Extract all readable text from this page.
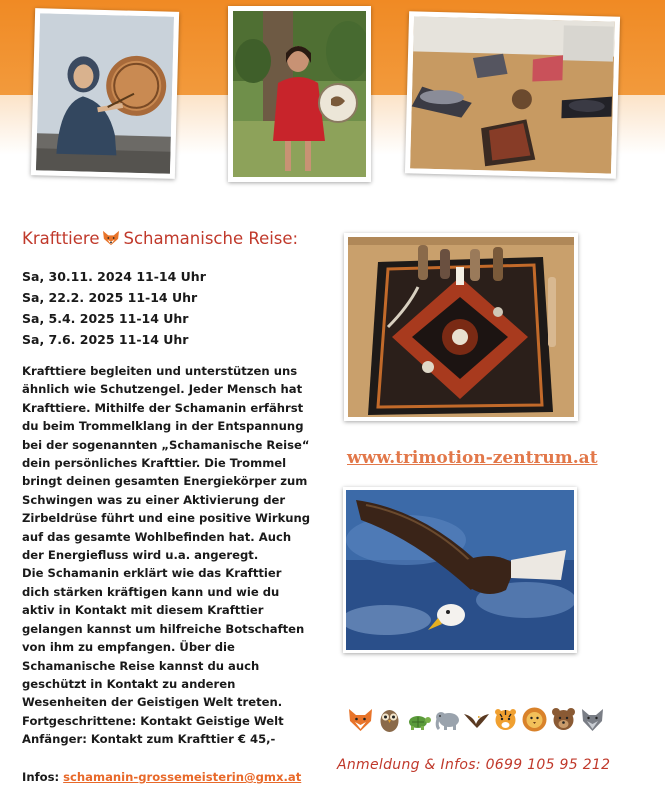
Krafttiere Schamanische Reise:
Sa, 30.11. 2024 11-14 Uhr
Sa, 22.2. 2025 11-14 Uhr
Sa, 5.4. 2025 11-14 Uhr
Sa, 7.6. 2025 11-14 Uhr
Krafttiere begleiten und unterstützen uns
ähnlich wie Schutzengel. Jeder Mensch hat
Krafttiere. Mithilfe der Schamanin erfährst
du beim Trommelklang in der Entspannung
bei der sogenannten „Schamanische Reise“
dein persönliches Krafttier. Die Trommel
bringt deinen gesamten Energiekörper zum
Schwingen was zu einer Aktivierung der
Zirbeldrüse führt und eine positive Wirkung
auf das gesamte Wohlbefinden hat. Auch
der Energiefluss wird u.a. angeregt.
Die Schamanin erklärt wie das Krafttier
dich stärken kräftigen kann und wie du
aktiv in Kontakt mit diesem Krafttier
gelangen kannst um hilfreiche Botschaften
von ihm zu empfangen. Über die
Schamanische Reise kannst du auch
geschützt in Kontakt zu anderen
Wesenheiten der Geistigen Welt treten.
Fortgeschrittene: Kontakt Geistige Welt
Anfänger: Kontakt zum Krafttier € 45,-
Infos: schamanin-grossemeisterin@gmx.at
www.trimotion-zentrum.at
Anmeldung & Infos: 0699 105 95 212
